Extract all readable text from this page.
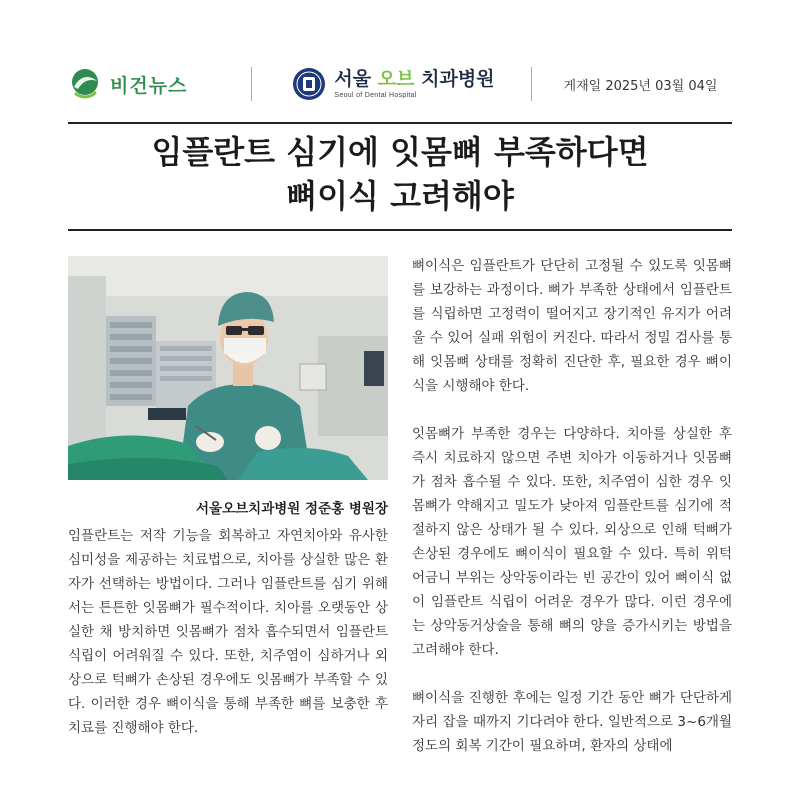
비건뉴스	서울 오브 치과병원
Seoul of Dental Hospital
게재일 2025년 03월 04일
임플란트 심기에 잇몸뼈 부족하다면
뼈이식 고려해야
서울오브치과병원 정준홍 병원장

임플란트는 저작 기능을 회복하고 자연치아와 유사한 심미성을 제공하는 치료법으로, 치아를 상실한 많은 환자가 선택하는 방법이다. 그러나 임플란트를 심기 위해서는 튼튼한 잇몸뼈가 필수적이다. 치아를 오랫동안 상실한 채 방치하면 잇몸뼈가 점차 흡수되면서 임플란트 식립이 어려워질 수 있다. 또한, 치주염이 심하거나 외상으로 턱뼈가 손상된 경우에도 잇몸뼈가 부족할 수 있다. 이러한 경우 뼈이식을 통해 부족한 뼈를 보충한 후 치료를 진행해야 한다.

뼈이식은 임플란트가 단단히 고정될 수 있도록 잇몸뼈를 보강하는 과정이다. 뼈가 부족한 상태에서 임플란트를 식립하면 고정력이 떨어지고 장기적인 유지가 어려울 수 있어 실패 위험이 커진다. 따라서 정밀 검사를 통해 잇몸뼈 상태를 정확히 진단한 후, 필요한 경우 뼈이식을 시행해야 한다.

잇몸뼈가 부족한 경우는 다양하다. 치아를 상실한 후 즉시 치료하지 않으면 주변 치아가 이동하거나 잇몸뼈가 점차 흡수될 수 있다. 또한, 치주염이 심한 경우 잇몸뼈가 약해지고 밀도가 낮아져 임플란트를 심기에 적절하지 않은 상태가 될 수 있다. 외상으로 인해 턱뼈가 손상된 경우에도 뼈이식이 필요할 수 있다. 특히 위턱 어금니 부위는 상악동이라는 빈 공간이 있어 뼈이식 없이 임플란트 식립이 어려운 경우가 많다. 이런 경우에는 상악동거상술을 통해 뼈의 양을 증가시키는 방법을 고려해야 한다.

뼈이식을 진행한 후에는 일정 기간 동안 뼈가 단단하게 자리 잡을 때까지 기다려야 한다. 일반적으로 3~6개월 정도의 회복 기간이 필요하며, 환자의 상태에
